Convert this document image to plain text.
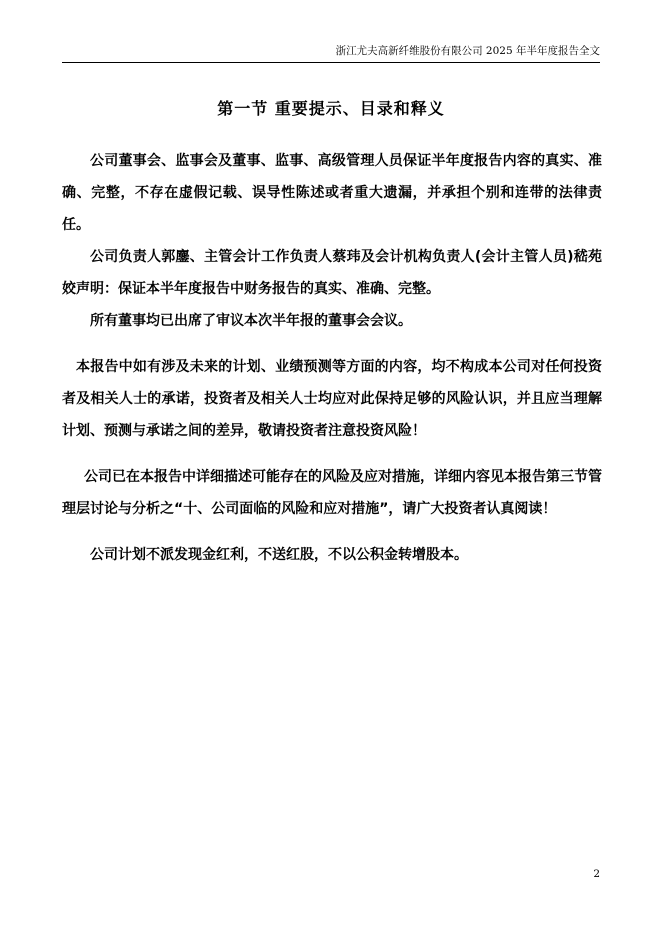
浙江尤夫高新纤维股份有限公司 2025 年半年度报告全文
第一节 重要提示、目录和释义

公司董事会、监事会及董事、监事、高级管理人员保证半年度报告内容的真实、准确、完整，不存在虚假记载、误导性陈述或者重大遗漏，并承担个别和连带的法律责任。

公司负责人郭鏖、主管会计工作负责人蔡玮及会计机构负责人(会计主管人员)嵇苑姣声明：保证本半年度报告中财务报告的真实、准确、完整。

所有董事均已出席了审议本次半年报的董事会会议。

本报告中如有涉及未来的计划、业绩预测等方面的内容，均不构成本公司对任何投资者及相关人士的承诺，投资者及相关人士均应对此保持足够的风险认识，并且应当理解计划、预测与承诺之间的差异，敬请投资者注意投资风险！

公司已在本报告中详细描述可能存在的风险及应对措施，详细内容见本报告第三节管理层讨论与分析之“十、公司面临的风险和应对措施”，请广大投资者认真阅读！

公司计划不派发现金红利，不送红股，不以公积金转增股本。

2
